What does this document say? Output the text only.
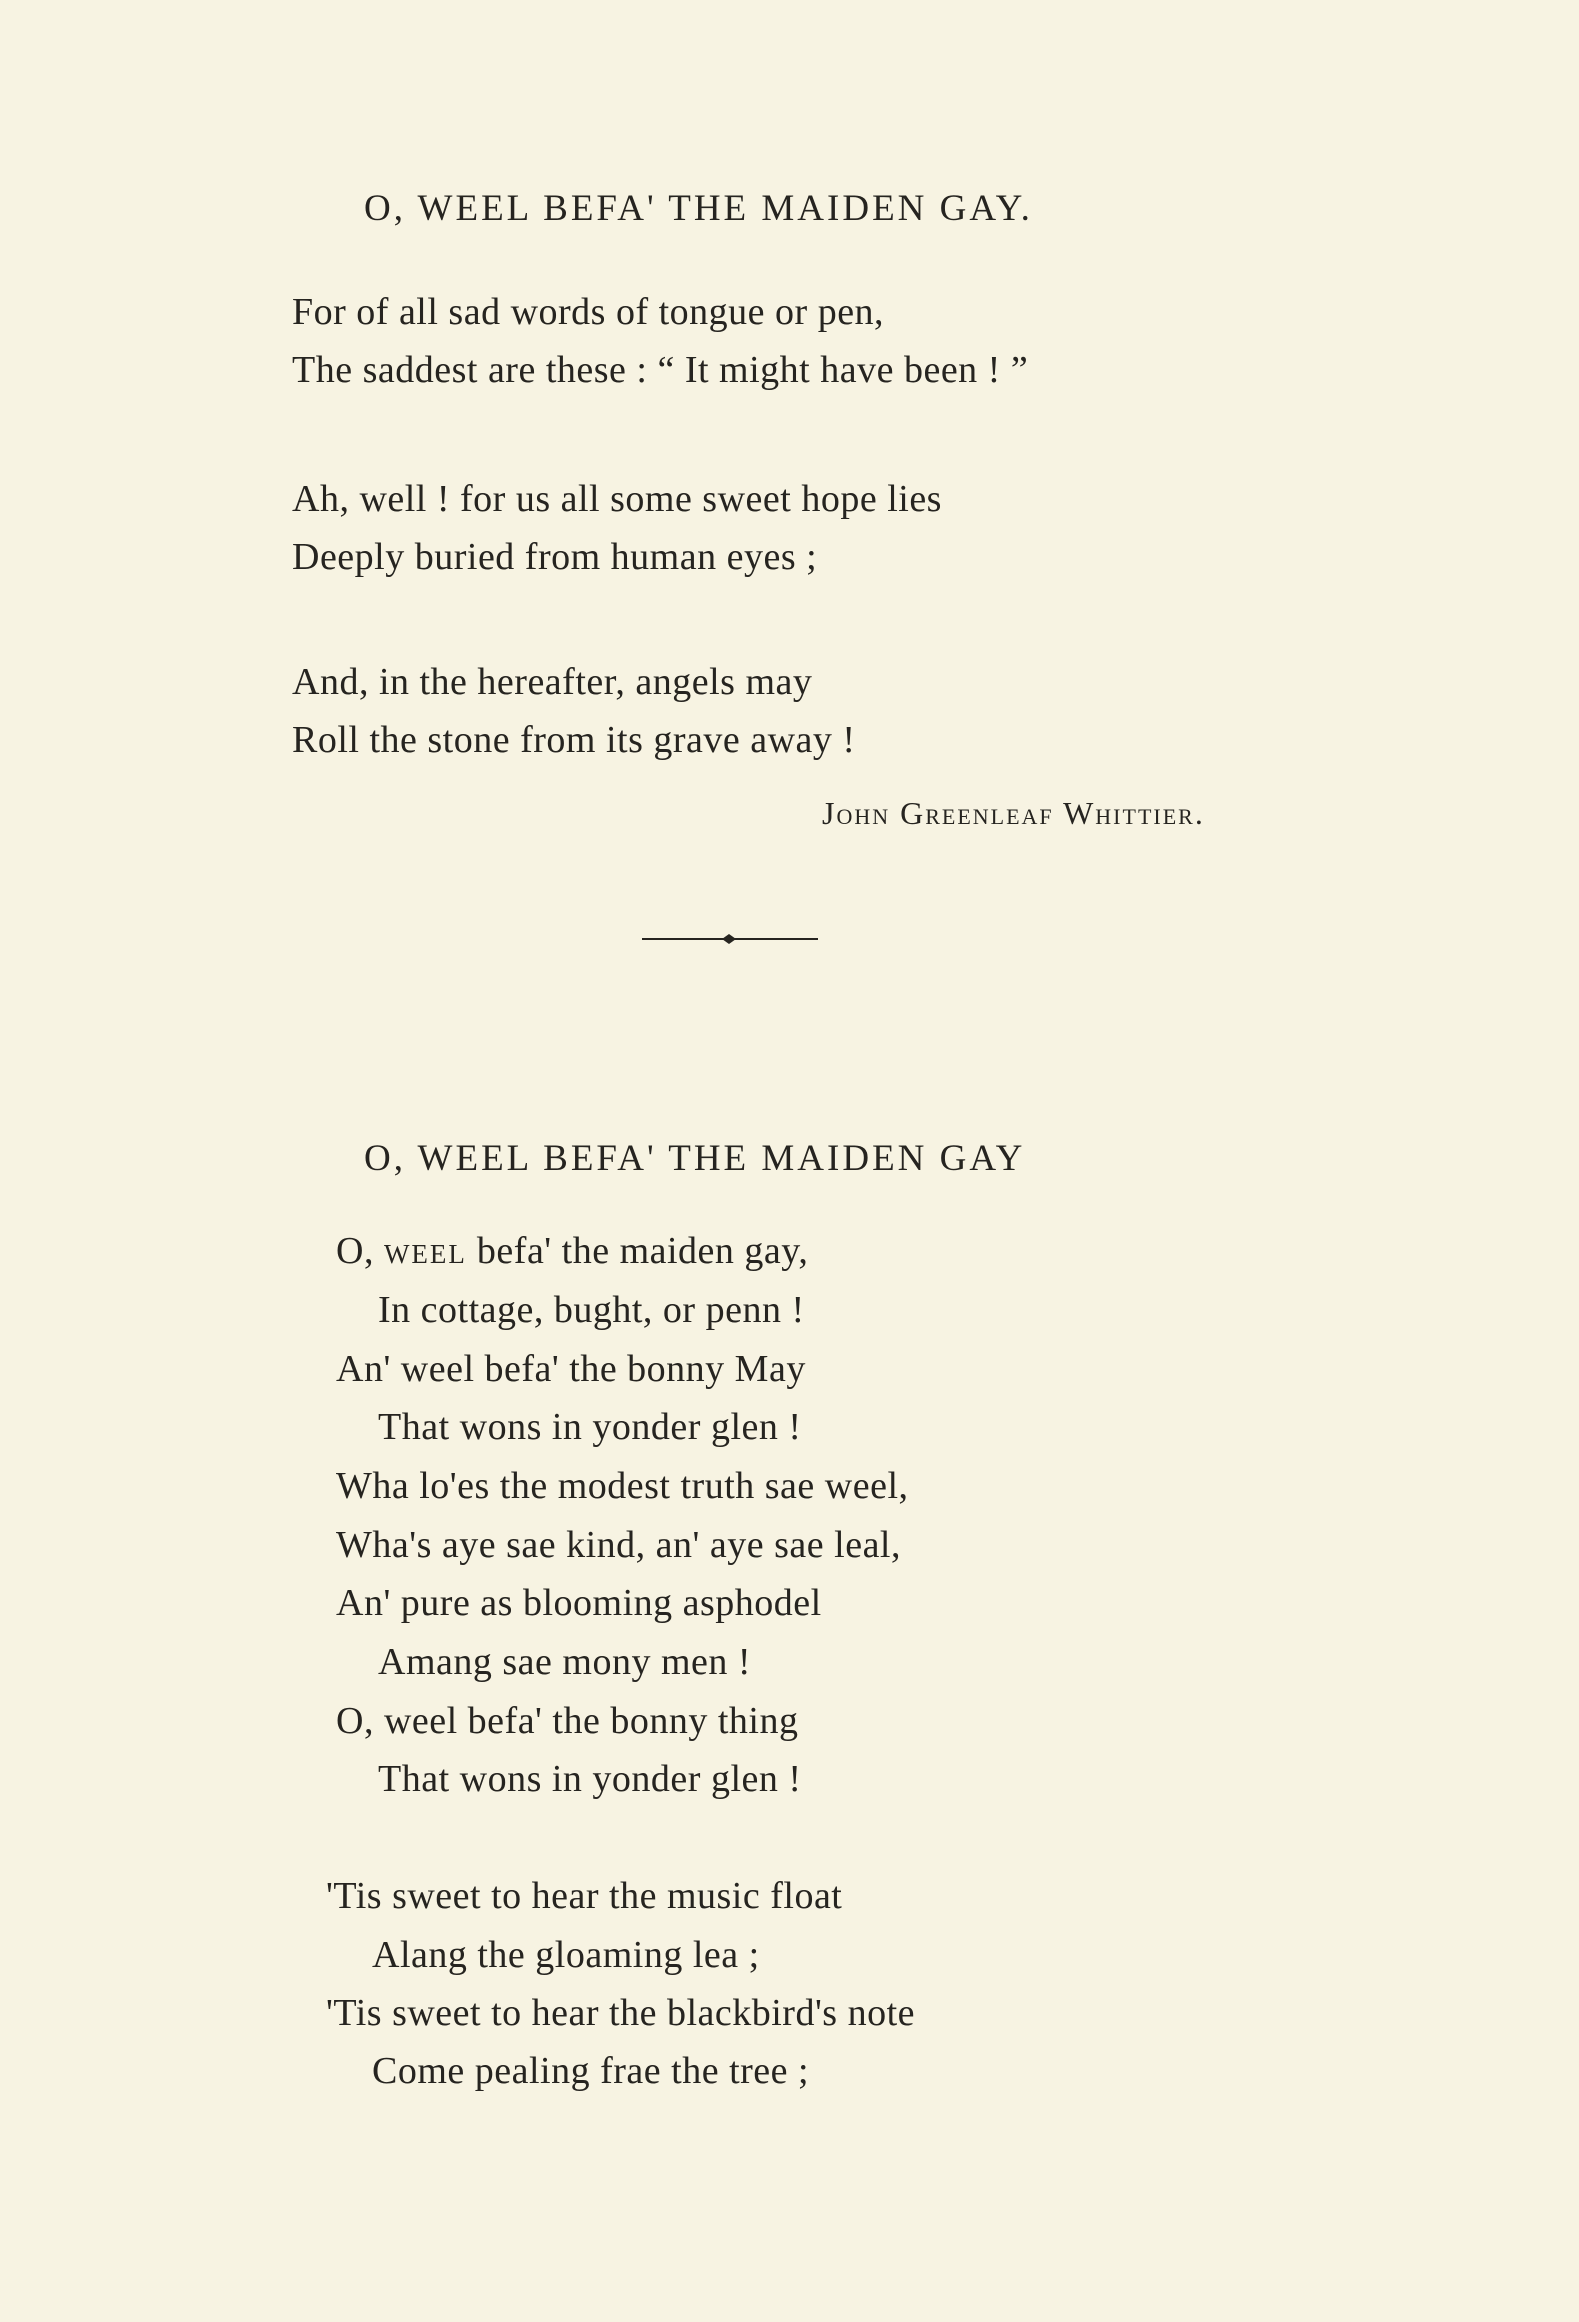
O, WEEL BEFA' THE MAIDEN GAY.
For of all sad words of tongue or pen,
The saddest are these : “ It might have been ! ”
Ah, well ! for us all some sweet hope lies
Deeply buried from human eyes ;
And, in the hereafter, angels may
Roll the stone from its grave away !
John Greenleaf Whittier.
O, WEEL BEFA' THE MAIDEN GAY
O, weel befa' the maiden gay,
In cottage, bught, or penn !
An' weel befa' the bonny May
That wons in yonder glen !
Wha lo'es the modest truth sae weel,
Wha's aye sae kind, an' aye sae leal,
An' pure as blooming asphodel
Amang sae mony men !
O, weel befa' the bonny thing
That wons in yonder glen !
'Tis sweet to hear the music float
Alang the gloaming lea ;
'Tis sweet to hear the blackbird's note
Come pealing frae the tree ;
